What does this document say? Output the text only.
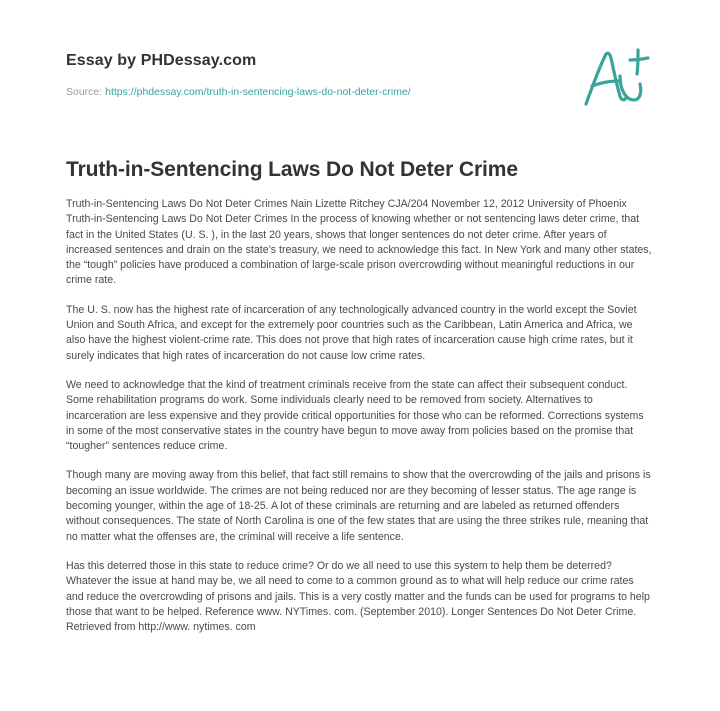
Essay by PHDessay.com
Source: https://phdessay.com/truth-in-sentencing-laws-do-not-deter-crime/
Truth-in-Sentencing Laws Do Not Deter Crime

Truth-in-Sentencing Laws Do Not Deter Crimes Nain Lizette Ritchey CJA/204 November 12, 2012 University of Phoenix Truth-in-Sentencing Laws Do Not Deter Crimes In the process of knowing whether or not sentencing laws deter crime, that fact in the United States (U. S. ), in the last 20 years, shows that longer sentences do not deter crime. After years of increased sentences and drain on the state’s treasury, we need to acknowledge this fact. In New York and many other states, the “tough” policies have produced a combination of large-scale prison overcrowding without meaningful reductions in our crime rate.

The U. S. now has the highest rate of incarceration of any technologically advanced country in the world except the Soviet Union and South Africa, and except for the extremely poor countries such as the Caribbean, Latin America and Africa, we also have the highest violent-crime rate. This does not prove that high rates of incarceration cause high crime rates, but it surely indicates that high rates of incarceration do not cause low crime rates.

We need to acknowledge that the kind of treatment criminals receive from the state can affect their subsequent conduct. Some rehabilitation programs do work. Some individuals clearly need to be removed from society. Alternatives to incarceration are less expensive and they provide critical opportunities for those who can be reformed. Corrections systems in some of the most conservative states in the country have begun to move away from policies based on the promise that “tougher” sentences reduce crime.

Though many are moving away from this belief, that fact still remains to show that the overcrowding of the jails and prisons is becoming an issue worldwide. The crimes are not being reduced nor are they becoming of lesser status. The age range is becoming younger, within the age of 18-25. A lot of these criminals are returning and are labeled as returned offenders without consequences. The state of North Carolina is one of the few states that are using the three strikes rule, meaning that no matter what the offenses are, the criminal will receive a life sentence.

Has this deterred those in this state to reduce crime? Or do we all need to use this system to help them be deterred? Whatever the issue at hand may be, we all need to come to a common ground as to what will help reduce our crime rates and reduce the overcrowding of prisons and jails. This is a very costly matter and the funds can be used for programs to help those that want to be helped. Reference www. NYTimes. com. (September 2010). Longer Sentences Do Not Deter Crime. Retrieved from http://www. nytimes. com
